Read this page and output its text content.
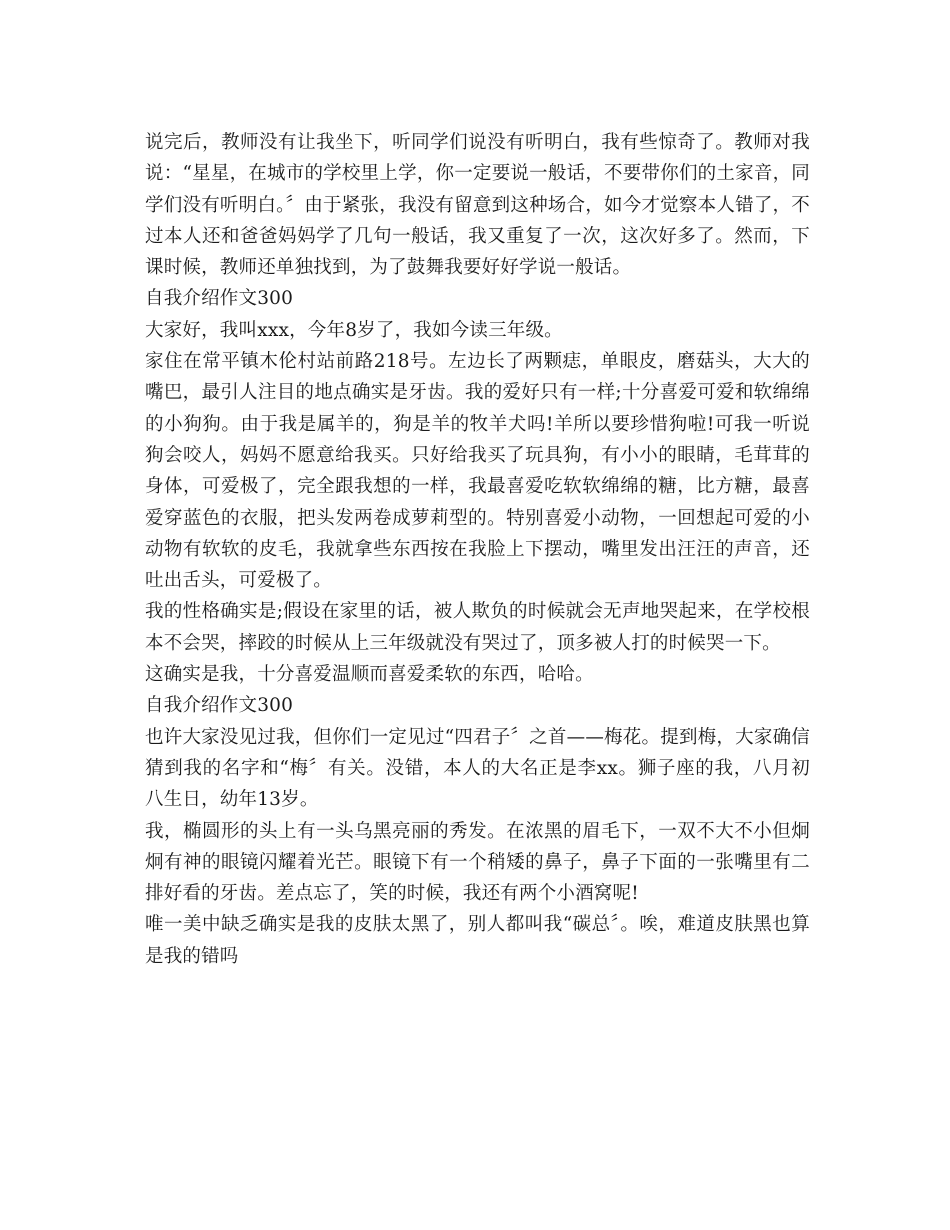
说完后，教师没有让我坐下，听同学们说没有听明白，我有些惊奇了。教师对我说：“星星，在城市的学校里上学，你一定要说一般话，不要带你们的土家音，同学们没有听明白。〞由于紧张，我没有留意到这种场合，如今才觉察本人错了，不过本人还和爸爸妈妈学了几句一般话，我又重复了一次，这次好多了。然而，下课时候，教师还单独找到，为了鼓舞我要好好学说一般话。

自我介绍作文300

大家好，我叫xxx，今年8岁了，我如今读三年级。

家住在常平镇木伦村站前路218号。左边长了两颗痣，单眼皮，磨菇头，大大的嘴巴，最引人注目的地点确实是牙齿。我的爱好只有一样;十分喜爱可爱和软绵绵的小狗狗。由于我是属羊的，狗是羊的牧羊犬吗!羊所以要珍惜狗啦!可我一听说狗会咬人，妈妈不愿意给我买。只好给我买了玩具狗，有小小的眼睛，毛茸茸的身体，可爱极了，完全跟我想的一样，我最喜爱吃软软绵绵的糖，比方糖，最喜爱穿蓝色的衣服，把头发两卷成萝莉型的。特别喜爱小动物，一回想起可爱的小动物有软软的皮毛，我就拿些东西按在我脸上下摆动，嘴里发出汪汪的声音，还吐出舌头，可爱极了。

我的性格确实是;假设在家里的话，被人欺负的时候就会无声地哭起来，在学校根本不会哭，摔跤的时候从上三年级就没有哭过了，顶多被人打的时候哭一下。

这确实是我，十分喜爱温顺而喜爱柔软的东西，哈哈。

自我介绍作文300

也许大家没见过我，但你们一定见过“四君子〞之首——梅花。提到梅，大家确信猜到我的名字和“梅〞有关。没错，本人的大名正是李xx。狮子座的我，八月初八生日，幼年13岁。

我，椭圆形的头上有一头乌黑亮丽的秀发。在浓黑的眉毛下，一双不大不小但炯炯有神的眼镜闪耀着光芒。眼镜下有一个稍矮的鼻子，鼻子下面的一张嘴里有二排好看的牙齿。差点忘了，笑的时候，我还有两个小酒窝呢!

唯一美中缺乏确实是我的皮肤太黑了，别人都叫我“碳总〞。唉，难道皮肤黑也算是我的错吗
